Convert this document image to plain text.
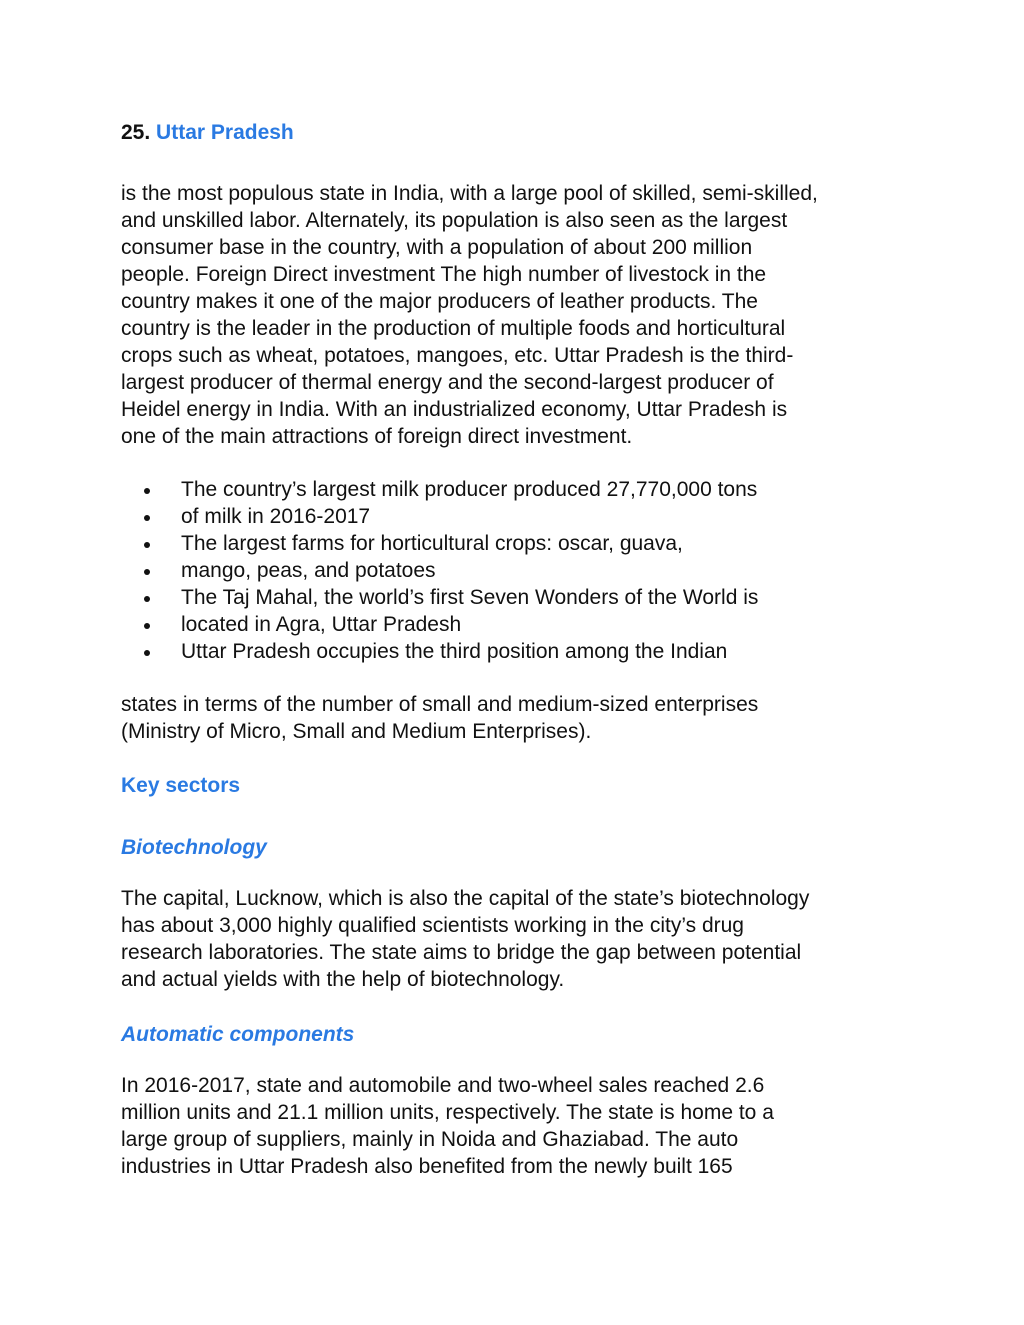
25. Uttar Pradesh

is the most populous state in India, with a large pool of skilled, semi-skilled,
and unskilled labor. Alternately, its population is also seen as the largest
consumer base in the country, with a population of about 200 million
people. Foreign Direct investment The high number of livestock in the
country makes it one of the major producers of leather products. The
country is the leader in the production of multiple foods and horticultural
crops such as wheat, potatoes, mangoes, etc. Uttar Pradesh is the third-
largest producer of thermal energy and the second-largest producer of
Heidel energy in India. With an industrialized economy, Uttar Pradesh is
one of the main attractions of foreign direct investment.

The country’s largest milk producer produced 27,770,000 tons
of milk in 2016-2017
The largest farms for horticultural crops: oscar, guava,
mango, peas, and potatoes
The Taj Mahal, the world’s first Seven Wonders of the World is
located in Agra, Uttar Pradesh
Uttar Pradesh occupies the third position among the Indian

states in terms of the number of small and medium-sized enterprises
(Ministry of Micro, Small and Medium Enterprises).

Key sectors
Biotechnology

The capital, Lucknow, which is also the capital of the state’s biotechnology
has about 3,000 highly qualified scientists working in the city’s drug
research laboratories. The state aims to bridge the gap between potential
and actual yields with the help of biotechnology.

Automatic components

In 2016-2017, state and automobile and two-wheel sales reached 2.6
million units and 21.1 million units, respectively. The state is home to a
large group of suppliers, mainly in Noida and Ghaziabad. The auto
industries in Uttar Pradesh also benefited from the newly built 165
